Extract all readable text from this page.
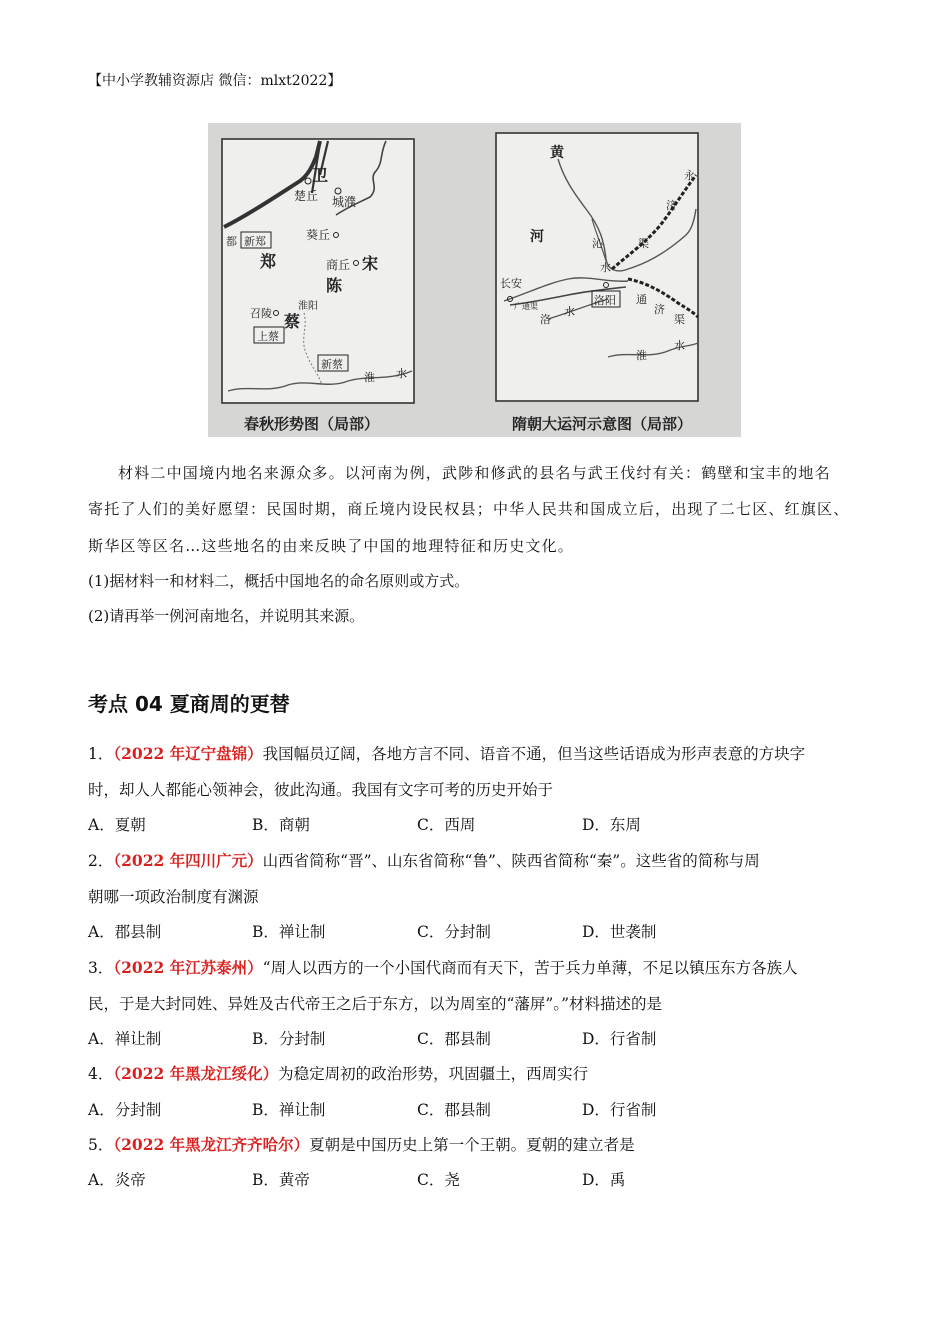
【中小学教辅资源店 微信：mlxt2022】
卫
楚丘 城濮
都 新郑
郑
葵丘
商丘 宋
陈
淮阳
召陵 蔡
上蔡
新蔡
淮 水
春秋形势图（局部）
黄
河
永
济
渠
沁
水
长安
广通渠	洛阳
洛
水
通
济
渠
淮
水
隋朝大运河示意图（局部）
材料二中国境内地名来源众多。以河南为例，武陟和修武的县名与武王伐纣有关：鹤壁和宝丰的地名
寄托了人们的美好愿望：民国时期，商丘境内设民权县；中华人民共和国成立后，出现了二七区、红旗区、
斯华区等区名…这些地名的由来反映了中国的地理特征和历史文化。
(1)据材料一和材料二，概括中国地名的命名原则或方式。
(2)请再举一例河南地名，并说明其来源。
考点 04 夏商周的更替
1．（2022 年辽宁盘锦）我国幅员辽阔，各地方言不同、语音不通，但当这些话语成为形声表意的方块字
时，却人人都能心领神会，彼此沟通。我国有文字可考的历史开始于
A．夏朝	B．商朝	C．西周	D．东周
2．（2022 年四川广元）山西省简称“晋”、山东省简称“鲁”、陕西省简称“秦”。这些省的简称与周
朝哪一项政治制度有渊源
A．郡县制	B．禅让制	C．分封制	D．世袭制
3．（2022 年江苏泰州）“周人以西方的一个小国代商而有天下，苦于兵力单薄，不足以镇压东方各族人
民，于是大封同姓、异姓及古代帝王之后于东方，以为周室的“藩屏”。”材料描述的是
A．禅让制	B．分封制	C．郡县制	D．行省制
4．（2022 年黑龙江绥化）为稳定周初的政治形势，巩固疆土，西周实行
A．分封制	B．禅让制	C．郡县制	D．行省制
5．（2022 年黑龙江齐齐哈尔）夏朝是中国历史上第一个王朝。夏朝的建立者是
A．炎帝	B．黄帝	C．尧	D．禹
